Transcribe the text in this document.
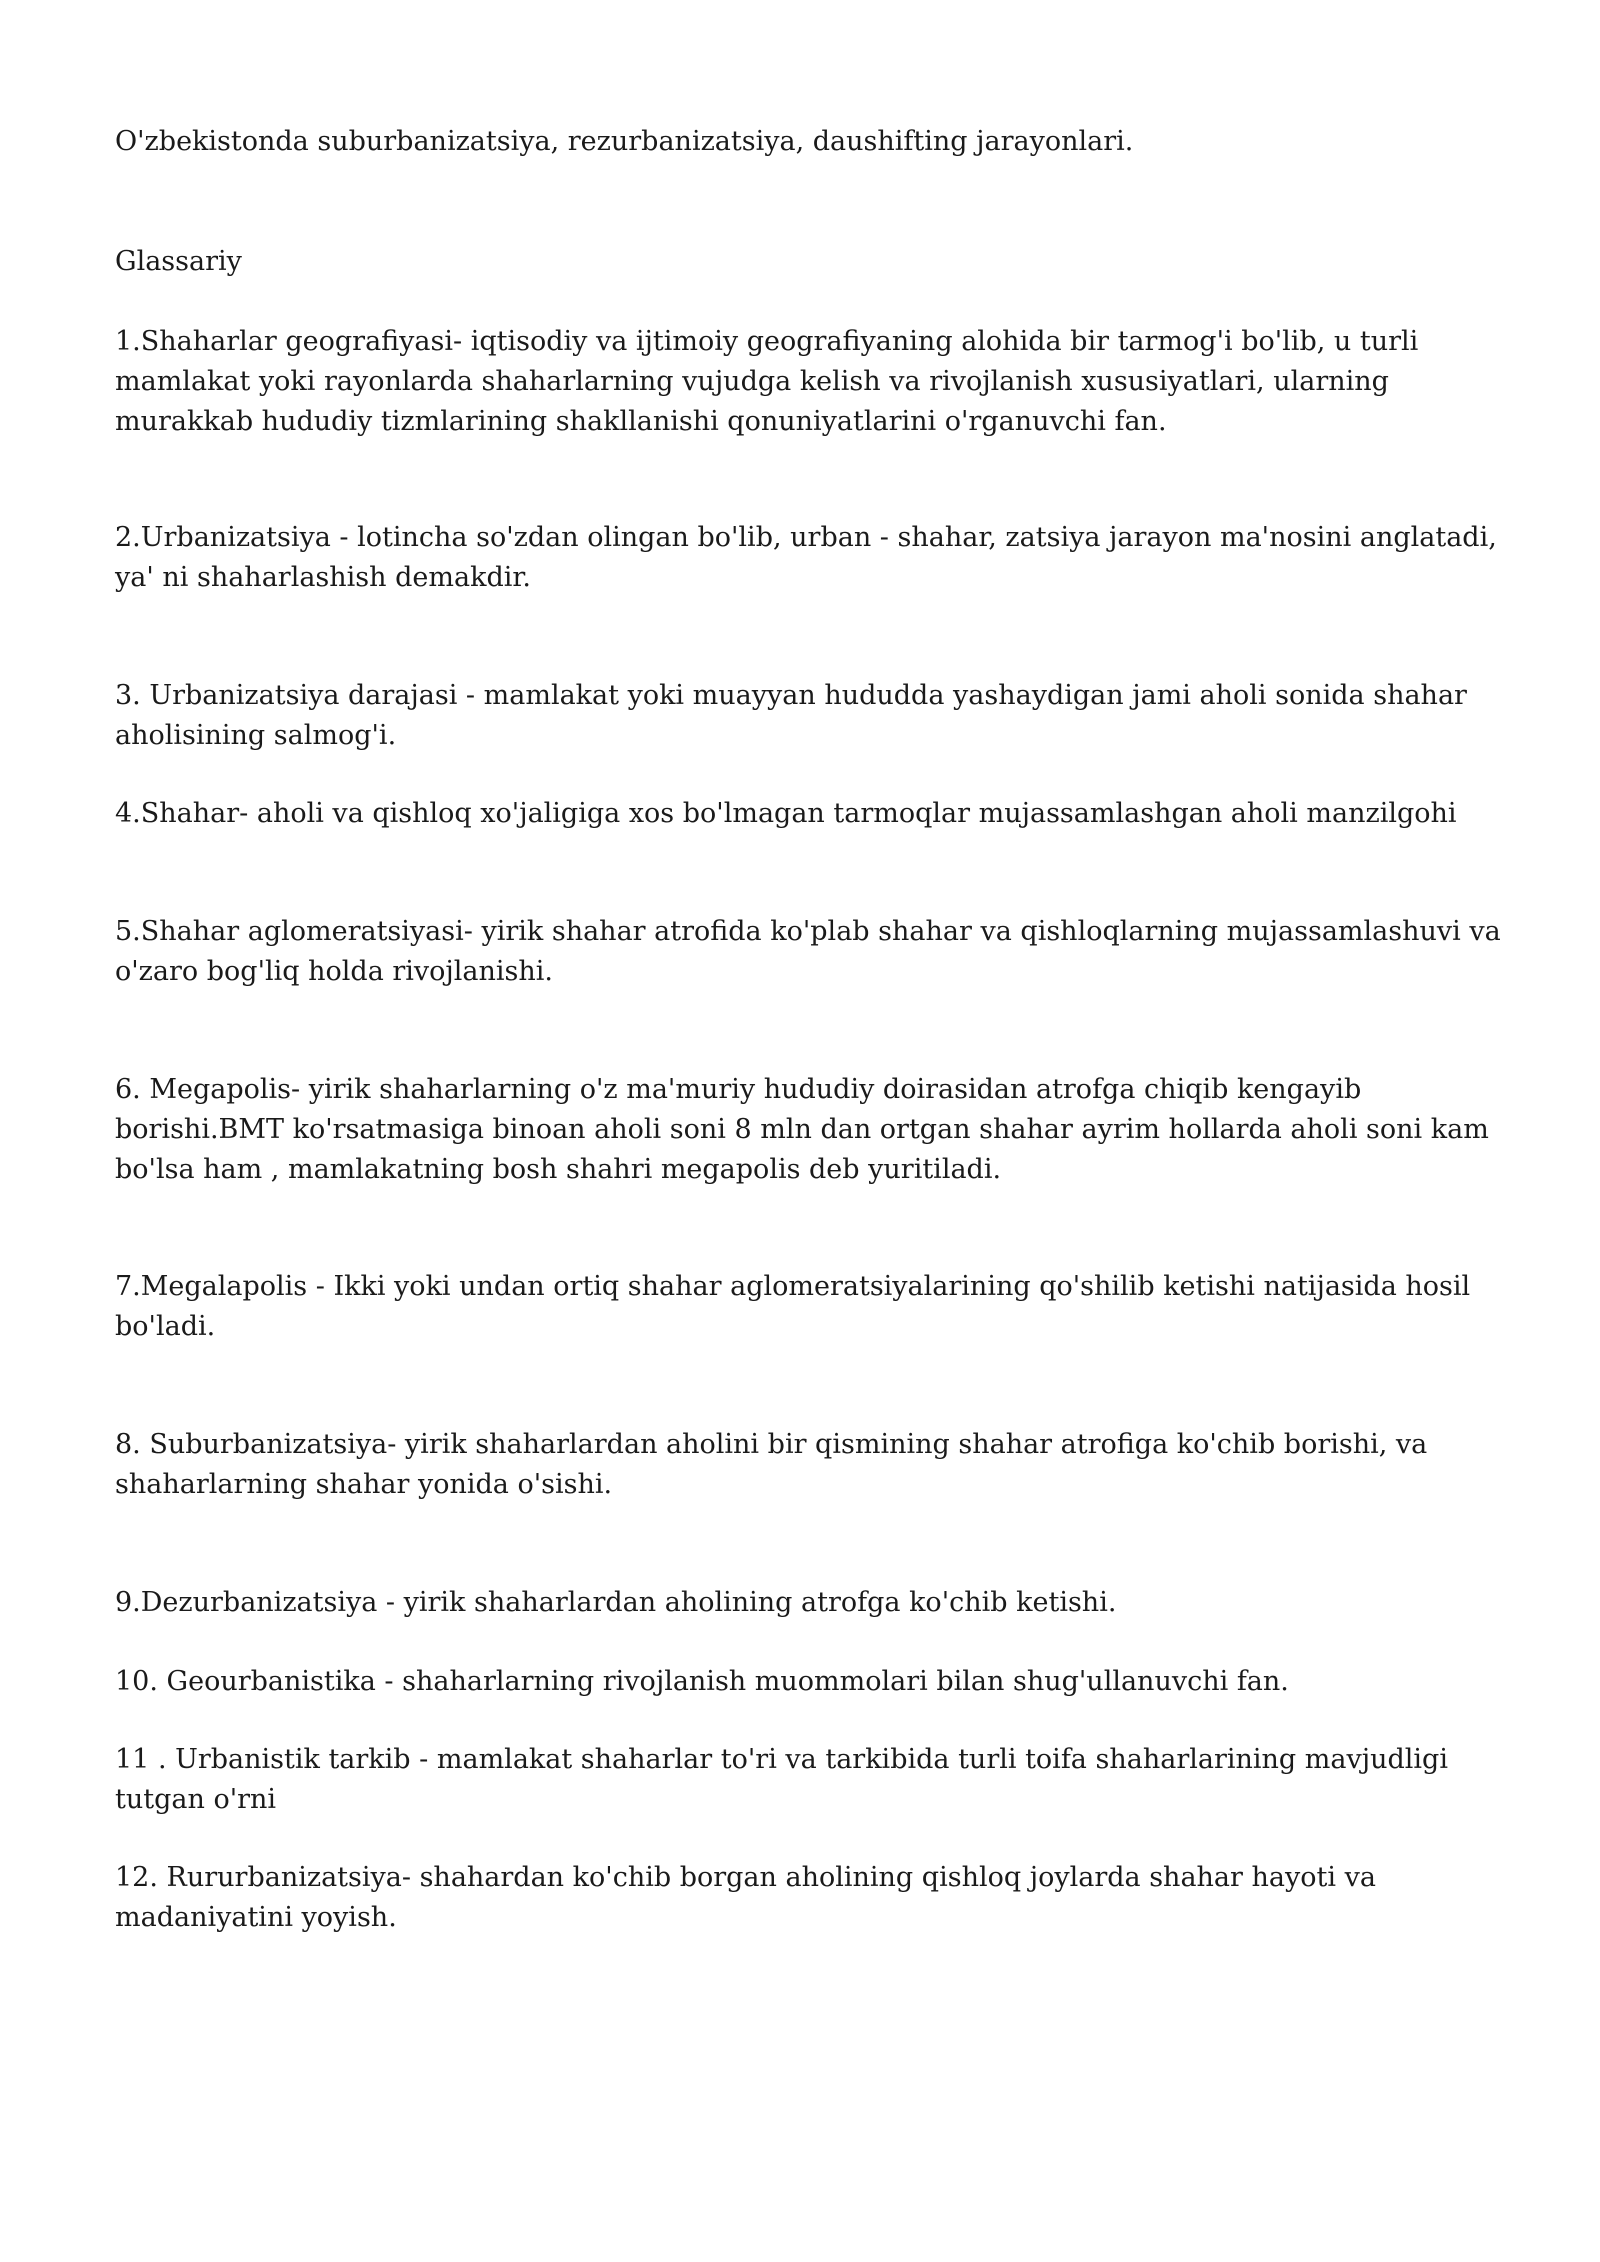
O'zbekistonda suburbanizatsiya, rezurbanizatsiya, daushifting jarayonlari.

Glassariy

1.Shaharlar geografiyasi- iqtisodiy va ijtimoiy geografiyaning alohida bir tarmog'i bo'lib, u turli mamlakat yoki rayonlarda shaharlarning vujudga kelish va rivojlanish xususiyatlari, ularning murakkab hududiy tizmlarining shakllanishi qonuniyatlarini o'rganuvchi fan.

2.Urbanizatsiya - lotincha so'zdan olingan bo'lib, urban - shahar, zatsiya jarayon ma'nosini anglatadi, ya' ni shaharlashish demakdir.

3. Urbanizatsiya darajasi - mamlakat yoki muayyan hududda yashaydigan jami aholi sonida shahar aholisining salmog'i.

4.Shahar- aholi va qishloq xo'jaligiga xos bo'lmagan tarmoqlar mujassamlashgan aholi manzilgohi

5.Shahar aglomeratsiyasi- yirik shahar atrofida ko'plab shahar va qishloqlarning mujassamlashuvi va o'zaro bog'liq holda rivojlanishi.

6. Megapolis- yirik shaharlarning o'z ma'muriy hududiy doirasidan atrofga chiqib kengayib borishi.BMT ko'rsatmasiga binoan aholi soni 8 mln dan ortgan shahar ayrim hollarda aholi soni kam bo'lsa ham , mamlakatning bosh shahri megapolis deb yuritiladi.

7.Megalapolis - Ikki yoki undan ortiq shahar aglomeratsiyalarining qo'shilib ketishi natijasida hosil bo'ladi.

8. Suburbanizatsiya- yirik shaharlardan aholini bir qismining shahar atrofiga ko'chib borishi, va shaharlarning shahar yonida o'sishi.

9.Dezurbanizatsiya - yirik shaharlardan aholining atrofga ko'chib ketishi.

10. Geourbanistika - shaharlarning rivojlanish muommolari bilan shug'ullanuvchi fan.

11 . Urbanistik tarkib - mamlakat shaharlar to'ri va tarkibida turli toifa shaharlarining mavjudligi tutgan o'rni

12. Rururbanizatsiya- shahardan ko'chib borgan aholining qishloq joylarda shahar hayoti va madaniyatini yoyish.
